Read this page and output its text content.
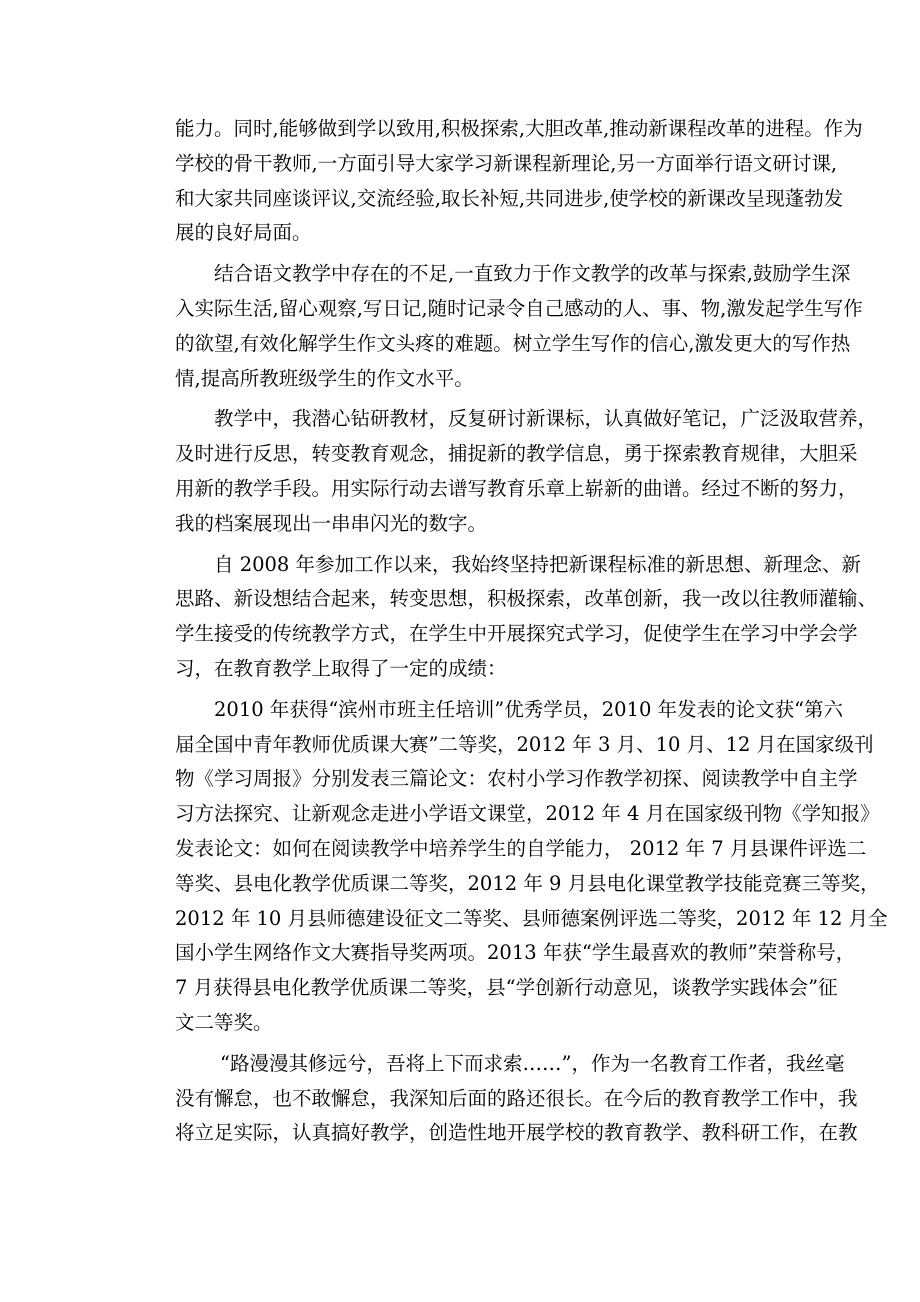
能力。同时,能够做到学以致用,积极探索,大胆改革,推动新课程改革的进程。作为
学校的骨干教师,一方面引导大家学习新课程新理论,另一方面举行语文研讨课,
和大家共同座谈评议,交流经验,取长补短,共同进步,使学校的新课改呈现蓬勃发
展的良好局面。
结合语文教学中存在的不足,一直致力于作文教学的改革与探索,鼓励学生深
入实际生活,留心观察,写日记,随时记录令自己感动的人、事、物,激发起学生写作
的欲望,有效化解学生作文头疼的难题。树立学生写作的信心,激发更大的写作热
情,提高所教班级学生的作文水平。
教学中，我潜心钻研教材，反复研讨新课标，认真做好笔记，广泛汲取营养，
及时进行反思，转变教育观念，捕捉新的教学信息，勇于探索教育规律，大胆采
用新的教学手段。用实际行动去谱写教育乐章上崭新的曲谱。经过不断的努力，
我的档案展现出一串串闪光的数字。
自 2008 年参加工作以来，我始终坚持把新课程标准的新思想、新理念、新
思路、新设想结合起来，转变思想，积极探索，改革创新，我一改以往教师灌输、
学生接受的传统教学方式，在学生中开展探究式学习，促使学生在学习中学会学
习，在教育教学上取得了一定的成绩：
2010 年获得“滨州市班主任培训”优秀学员，2010 年发表的论文获“第六
届全国中青年教师优质课大赛”二等奖，2012 年 3 月、10 月、12 月在国家级刊
物《学习周报》分别发表三篇论文：农村小学习作教学初探、阅读教学中自主学
习方法探究、让新观念走进小学语文课堂，2012 年 4 月在国家级刊物《学知报》
发表论文：如何在阅读教学中培养学生的自学能力， 2012 年 7 月县课件评选二
等奖、县电化教学优质课二等奖，2012 年 9 月县电化课堂教学技能竞赛三等奖，
2012 年 10 月县师德建设征文二等奖、县师德案例评选二等奖，2012 年 12 月全
国小学生网络作文大赛指导奖两项。2013 年获“学生最喜欢的教师”荣誉称号，
7 月获得县电化教学优质课二等奖，县“学创新行动意见，谈教学实践体会”征
文二等奖。
“路漫漫其修远兮，吾将上下而求索……”，作为一名教育工作者，我丝毫
没有懈怠，也不敢懈怠，我深知后面的路还很长。在今后的教育教学工作中，我
将立足实际，认真搞好教学，创造性地开展学校的教育教学、教科研工作，在教
